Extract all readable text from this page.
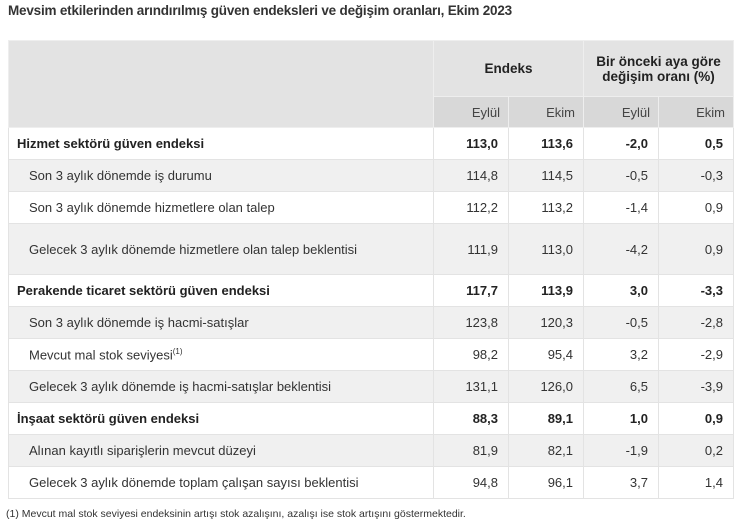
Mevsim etkilerinden arındırılmış güven endeksleri ve değişim oranları, Ekim 2023
	Endeks		Bir önceki aya göre değişim oranı (%)	
	Eylül	Ekim	Eylül	Ekim
Hizmet sektörü güven endeksi	113,0	113,6	-2,0	0,5
Son 3 aylık dönemde iş durumu	114,8	114,5	-0,5	-0,3
Son 3 aylık dönemde hizmetlere olan talep	112,2	113,2	-1,4	0,9
Gelecek 3 aylık dönemde hizmetlere olan talep beklentisi	111,9	113,0	-4,2	0,9
Perakende ticaret sektörü güven endeksi	117,7	113,9	3,0	-3,3
Son 3 aylık dönemde iş hacmi-satışlar	123,8	120,3	-0,5	-2,8
Mevcut mal stok seviyesi$^{(1)}$	98,2	95,4	3,2	-2,9
Gelecek 3 aylık dönemde iş hacmi-satışlar beklentisi	131,1	126,0	6,5	-3,9
İnşaat sektörü güven endeksi	88,3	89,1	1,0	0,9
Alınan kayıtlı siparişlerin mevcut düzeyi	81,9	82,1	-1,9	0,2
Gelecek 3 aylık dönemde toplam çalışan sayısı beklentisi	94,8	96,1	3,7	1,4
(1) Mevcut mal stok seviyesi endeksinin artışı stok azalışını, azalışı ise stok artışını göstermektedir.
